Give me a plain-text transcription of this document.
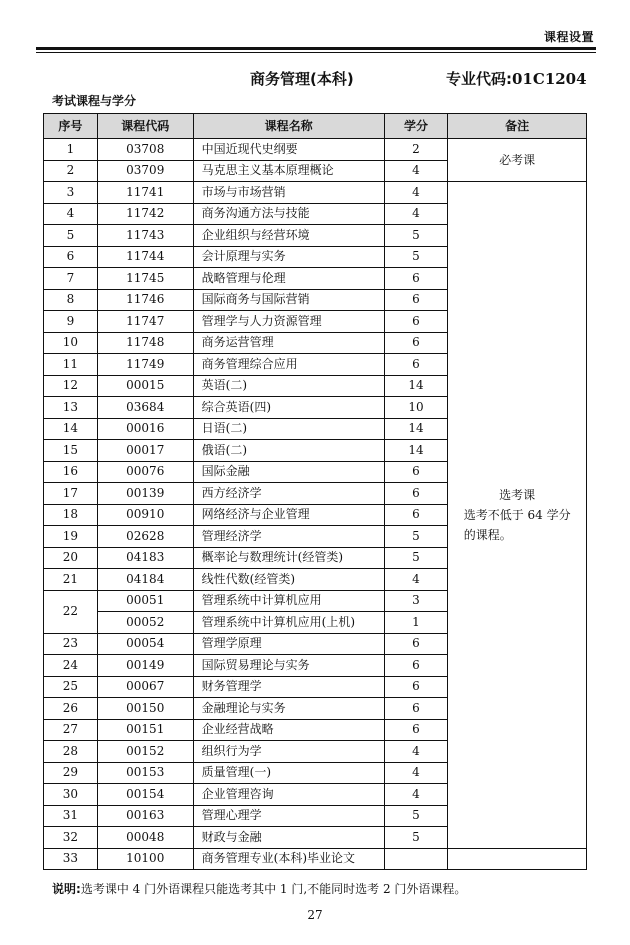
课程设置
商务管理(本科)	专业代码:01C1204
考试课程与学分
序号	课程代码	课程名称	学分	备注
1	03708	中国近现代史纲要	2	必考课
2	03709	马克思主义基本原理概论	4	
3	11741	市场与市场营销	4	选考课
选考不低于 64 学分
的课程。

4	11742	商务沟通方法与技能	4	
5	11743	企业组织与经营环境	5	
6	11744	会计原理与实务	5	
7	11745	战略管理与伦理	6	
8	11746	国际商务与国际营销	6	
9	11747	管理学与人力资源管理	6	
10	11748	商务运营管理	6	
11	11749	商务管理综合应用	6	
12	00015	英语(二)	14	
13	03684	综合英语(四)	10	
14	00016	日语(二)	14	
15	00017	俄语(二)	14	
16	00076	国际金融	6	
17	00139	西方经济学	6	
18	00910	网络经济与企业管理	6	
19	02628	管理经济学	5	
20	04183	概率论与数理统计(经管类)	5	
21	04184	线性代数(经管类)	4	
22	00051	管理系统中计算机应用	3	
	00052	管理系统中计算机应用(上机)	1	
23	00054	管理学原理	6	
24	00149	国际贸易理论与实务	6	
25	00067	财务管理学	6	
26	00150	金融理论与实务	6	
27	00151	企业经营战略	6	
28	00152	组织行为学	4	
29	00153	质量管理(一)	4	
30	00154	企业管理咨询	4	
31	00163	管理心理学	5	
32	00048	财政与金融	5	
33	10100	商务管理专业(本科)毕业论文		
说明:选考课中 4 门外语课程只能选考其中 1 门,不能同时选考 2 门外语课程。
27
